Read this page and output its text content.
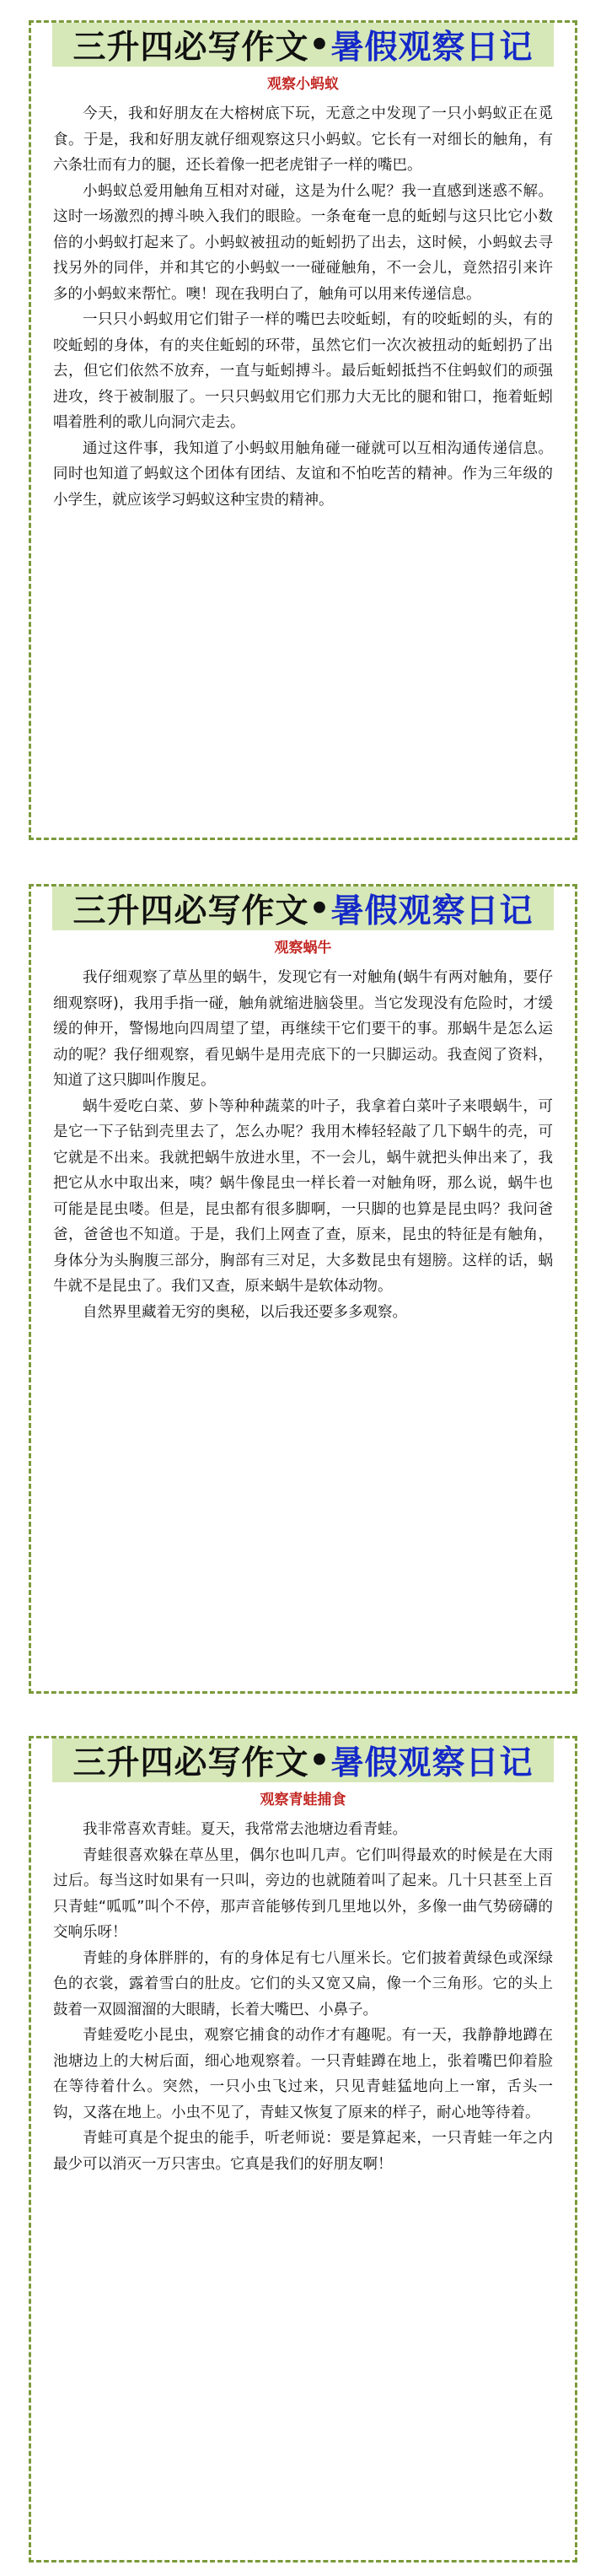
三升四必写作文 • 暑假观察日记
观察小蚂蚁

今天，我和好朋友在大榕树底下玩，无意之中发现了一只小蚂蚁正在觅食。于是，我和好朋友就仔细观察这只小蚂蚁。它长有一对细长的触角，有六条壮而有力的腿，还长着像一把老虎钳子一样的嘴巴。

小蚂蚁总爱用触角互相对对碰，这是为什么呢？我一直感到迷惑不解。这时一场激烈的搏斗映入我们的眼睑。一条奄奄一息的蚯蚓与这只比它小数倍的小蚂蚁打起来了。小蚂蚁被扭动的蚯蚓扔了出去，这时候，小蚂蚁去寻找另外的同伴，并和其它的小蚂蚁一一碰碰触角，不一会儿，竟然招引来许多的小蚂蚁来帮忙。噢！现在我明白了，触角可以用来传递信息。

一只只小蚂蚁用它们钳子一样的嘴巴去咬蚯蚓，有的咬蚯蚓的头，有的咬蚯蚓的身体，有的夹住蚯蚓的环带，虽然它们一次次被扭动的蚯蚓扔了出去，但它们依然不放弃，一直与蚯蚓搏斗。最后蚯蚓抵挡不住蚂蚁们的顽强进攻，终于被制服了。一只只蚂蚁用它们那力大无比的腿和钳口，拖着蚯蚓唱着胜利的歌儿向洞穴走去。

通过这件事，我知道了小蚂蚁用触角碰一碰就可以互相沟通传递信息。同时也知道了蚂蚁这个团体有团结、友谊和不怕吃苦的精神。作为三年级的小学生，就应该学习蚂蚁这种宝贵的精神。

三升四必写作文 • 暑假观察日记
观察蜗牛

我仔细观察了草丛里的蜗牛，发现它有一对触角(蜗牛有两对触角，要仔细观察呀)，我用手指一碰，触角就缩进脑袋里。当它发现没有危险时，才缓缓的伸开，警惕地向四周望了望，再继续干它们要干的事。那蜗牛是怎么运动的呢？我仔细观察，看见蜗牛是用壳底下的一只脚运动。我查阅了资料，知道了这只脚叫作腹足。

蜗牛爱吃白菜、萝卜等种种蔬菜的叶子，我拿着白菜叶子来喂蜗牛，可是它一下子钻到壳里去了，怎么办呢？我用木棒轻轻敲了几下蜗牛的壳，可它就是不出来。我就把蜗牛放进水里，不一会儿，蜗牛就把头伸出来了，我把它从水中取出来，咦？蜗牛像昆虫一样长着一对触角呀，那么说，蜗牛也可能是昆虫喽。但是，昆虫都有很多脚啊，一只脚的也算是昆虫吗？我问爸爸，爸爸也不知道。于是，我们上网查了查，原来，昆虫的特征是有触角，身体分为头胸腹三部分，胸部有三对足，大多数昆虫有翅膀。这样的话，蜗牛就不是昆虫了。我们又查，原来蜗牛是软体动物。

自然界里藏着无穷的奥秘，以后我还要多多观察。

三升四必写作文 • 暑假观察日记
观察青蛙捕食

我非常喜欢青蛙。夏天，我常常去池塘边看青蛙。

青蛙很喜欢躲在草丛里，偶尔也叫几声。它们叫得最欢的时候是在大雨过后。每当这时如果有一只叫，旁边的也就随着叫了起来。几十只甚至上百只青蛙“呱呱”叫个不停，那声音能够传到几里地以外，多像一曲气势磅礴的交响乐呀！

青蛙的身体胖胖的，有的身体足有七八厘米长。它们披着黄绿色或深绿色的衣裳，露着雪白的肚皮。它们的头又宽又扁，像一个三角形。它的头上鼓着一双圆溜溜的大眼睛，长着大嘴巴、小鼻子。

青蛙爱吃小昆虫，观察它捕食的动作才有趣呢。有一天，我静静地蹲在池塘边上的大树后面，细心地观察着。一只青蛙蹲在地上，张着嘴巴仰着脸在等待着什么。突然，一只小虫飞过来，只见青蛙猛地向上一窜，舌头一钩，又落在地上。小虫不见了，青蛙又恢复了原来的样子，耐心地等待着。

青蛙可真是个捉虫的能手，听老师说：要是算起来，一只青蛙一年之内最少可以消灭一万只害虫。它真是我们的好朋友啊！
